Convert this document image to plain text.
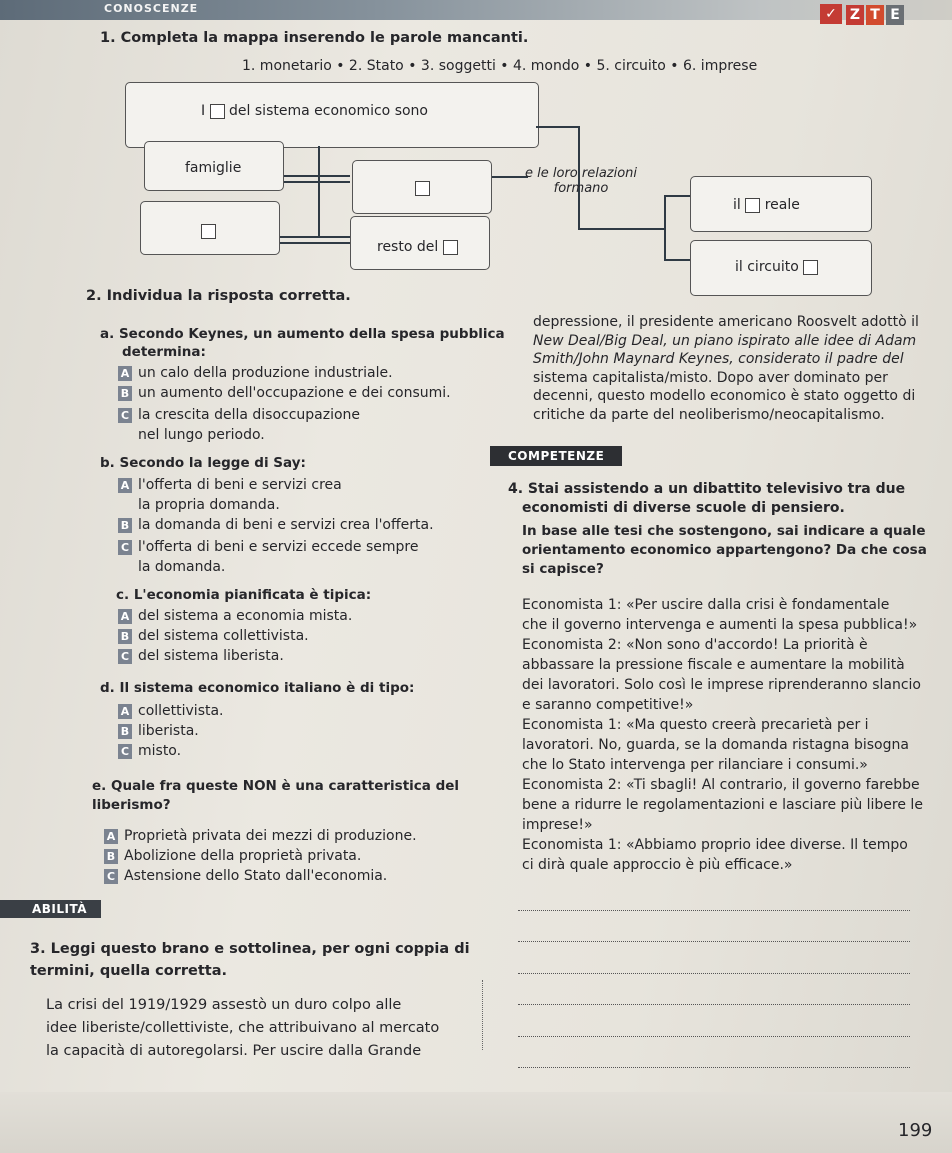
CONOSCENZE	✓ Z T E
1. Completa la mappa inserendo le parole mancanti.
1. monetario • 2. Stato • 3. soggetti • 4. mondo • 5. circuito • 6. imprese
I del sistema economico sono
famiglie
resto del
e le loro relazioni
formano
il reale
il circuito
2. Individua la risposta corretta.
a. Secondo Keynes, un aumento della spesa pubblica
determina:
A un calo della produzione industriale.
B un aumento dell'occupazione e dei consumi.
C la crescita della disoccupazione
nel lungo periodo.
b. Secondo la legge di Say:
A l'offerta di beni e servizi crea
la propria domanda.
B la domanda di beni e servizi crea l'offerta.
C l'offerta di beni e servizi eccede sempre
la domanda.
c. L'economia pianificata è tipica:
A del sistema a economia mista.
B del sistema collettivista.
C del sistema liberista.
d. Il sistema economico italiano è di tipo:
A collettivista.
B liberista.
C misto.
e. Quale fra queste NON è una caratteristica del
liberismo?
A Proprietà privata dei mezzi di produzione.
B Abolizione della proprietà privata.
C Astensione dello Stato dall'economia.
ABILITÀ
3. Leggi questo brano e sottolinea, per ogni coppia di
termini, quella corretta.
La crisi del 1919/1929 assestò un duro colpo alle
idee liberiste/collettiviste, che attribuivano al mercato
la capacità di autoregolarsi. Per uscire dalla Grande
depressione, il presidente americano Roosvelt adottò il
New Deal/Big Deal, un piano ispirato alle idee di Adam
Smith/John Maynard Keynes, considerato il padre del
sistema capitalista/misto. Dopo aver dominato per
decenni, questo modello economico è stato oggetto di
critiche da parte del neoliberismo/neocapitalismo.
COMPETENZE
4. Stai assistendo a un dibattito televisivo tra due
economisti di diverse scuole di pensiero.
In base alle tesi che sostengono, sai indicare a quale
orientamento economico appartengono? Da che cosa
si capisce?
Economista 1: «Per uscire dalla crisi è fondamentale
che il governo intervenga e aumenti la spesa pubblica!»
Economista 2: «Non sono d'accordo! La priorità è
abbassare la pressione fiscale e aumentare la mobilità
dei lavoratori. Solo così le imprese riprenderanno slancio
e saranno competitive!»
Economista 1: «Ma questo creerà precarietà per i
lavoratori. No, guarda, se la domanda ristagna bisogna
che lo Stato intervenga per rilanciare i consumi.»
Economista 2: «Ti sbagli! Al contrario, il governo farebbe
bene a ridurre le regolamentazioni e lasciare più libere le
imprese!»
Economista 1: «Abbiamo proprio idee diverse. Il tempo
ci dirà quale approccio è più efficace.»
199
